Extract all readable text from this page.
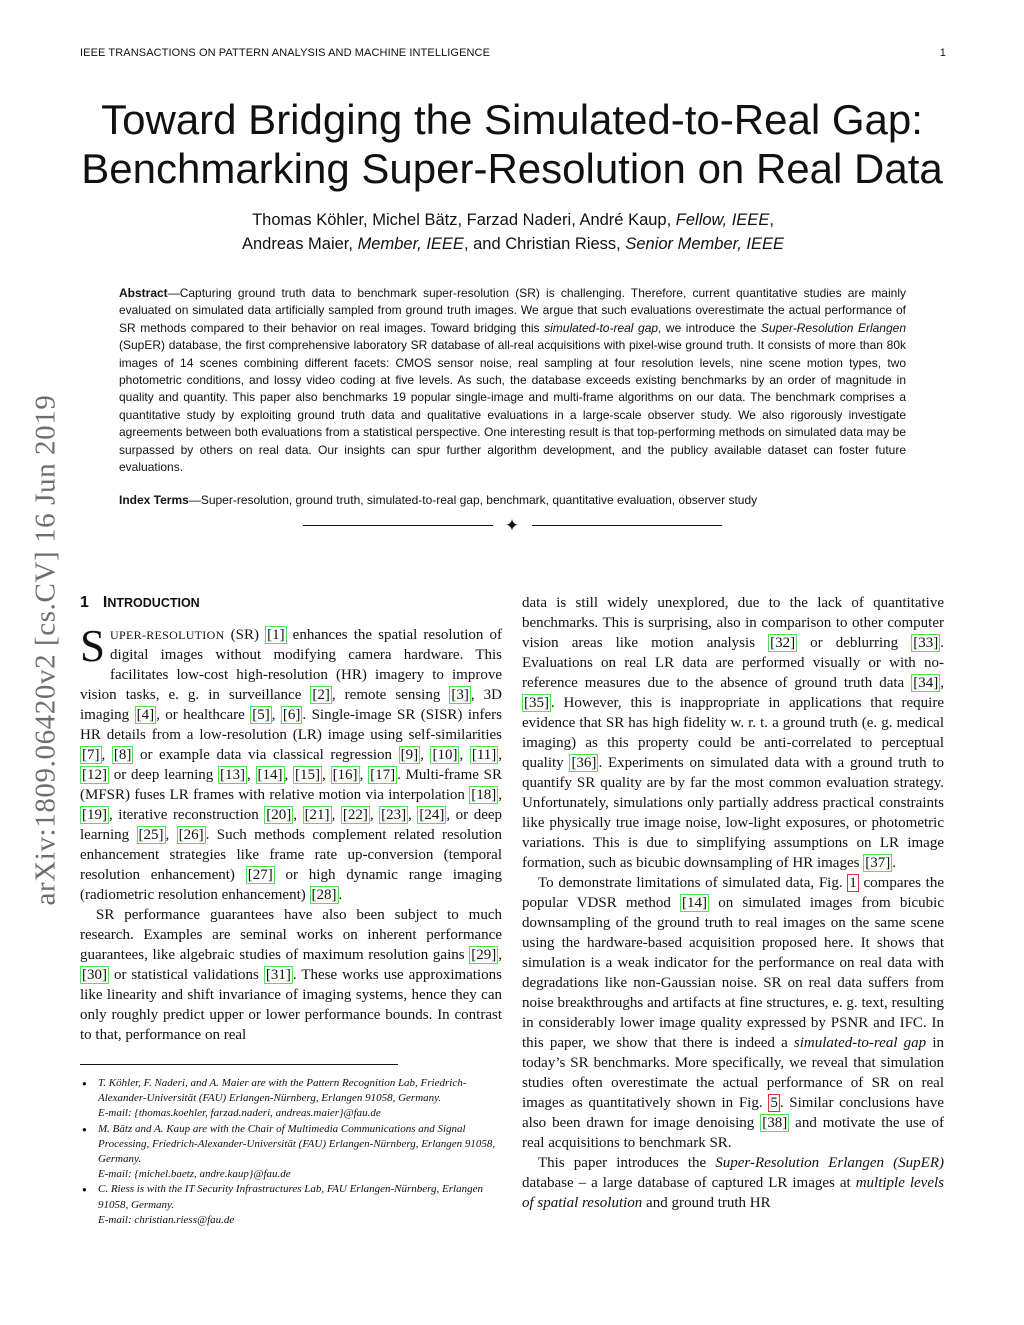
IEEE TRANSACTIONS ON PATTERN ANALYSIS AND MACHINE INTELLIGENCE	1
arXiv:1809.06420v2 [cs.CV] 16 Jun 2019
Toward Bridging the Simulated-to-Real Gap:
Benchmarking Super-Resolution on Real Data
Thomas Köhler, Michel Bätz, Farzad Naderi, André Kaup, Fellow, IEEE,
Andreas Maier, Member, IEEE, and Christian Riess, Senior Member, IEEE
Abstract—Capturing ground truth data to benchmark super-resolution (SR) is challenging. Therefore, current quantitative studies are mainly evaluated on simulated data artificially sampled from ground truth images. We argue that such evaluations overestimate the actual performance of SR methods compared to their behavior on real images. Toward bridging this simulated-to-real gap, we introduce the Super-Resolution Erlangen (SupER) database, the first comprehensive laboratory SR database of all-real acquisitions with pixel-wise ground truth. It consists of more than 80k images of 14 scenes combining different facets: CMOS sensor noise, real sampling at four resolution levels, nine scene motion types, two photometric conditions, and lossy video coding at five levels. As such, the database exceeds existing benchmarks by an order of magnitude in quality and quantity. This paper also benchmarks 19 popular single-image and multi-frame algorithms on our data. The benchmark comprises a quantitative study by exploiting ground truth data and qualitative evaluations in a large-scale observer study. We also rigorously investigate agreements between both evaluations from a statistical perspective. One interesting result is that top-performing methods on simulated data may be surpassed by others on real data. Our insights can spur further algorithm development, and the publicy available dataset can foster future evaluations.
Index Terms—Super-resolution, ground truth, simulated-to-real gap, benchmark, quantitative evaluation, observer study
✦
1 INTRODUCTION

SUPER-RESOLUTION (SR) [1] enhances the spatial resolution of digital images without modifying camera hardware. This facilitates low-cost high-resolution (HR) imagery to improve vision tasks, e. g. in surveillance [2] , remote sensing [3] , 3D imaging [4] , or healthcare [5] , [6] . Single-image SR (SISR) infers HR details from a low-resolution (LR) image using self-similarities [7] , [8] or example data via classical regression [9] , [10] , [11] , [12] or deep learning [13] , [14] , [15] , [16] , [17] . Multi-frame SR (MFSR) fuses LR frames with relative motion via interpolation [18] , [19] , iterative reconstruction [20] , [21] , [22] , [23] , [24] , or deep learning [25] , [26] . Such methods complement related resolution enhancement strategies like frame rate up-conversion (temporal resolution enhancement) [27] or high dynamic range imaging (radiometric resolution enhancement) [28] .

SR performance guarantees have also been subject to much research. Examples are seminal works on inherent performance guarantees, like algebraic studies of maximum resolution gains [29] , [30] or statistical validations [31] . These works use approximations like linearity and shift invariance of imaging systems, hence they can only roughly predict upper or lower performance bounds. In contrast to that, performance on real

● T. Köhler, F. Naderi, and A. Maier are with the Pattern Recognition Lab, Friedrich-Alexander-Universität (FAU) Erlangen-Nürnberg, Erlangen 91058, Germany.
E-mail: {thomas.koehler, farzad.naderi, andreas.maier}@fau.de
● M. Bätz and A. Kaup are with the Chair of Multimedia Communications and Signal Processing, Friedrich-Alexander-Universität (FAU) Erlangen-Nürnberg, Erlangen 91058, Germany.
E-mail: {michel.baetz, andre.kaup}@fau.de
● C. Riess is with the IT Security Infrastructures Lab, FAU Erlangen-Nürnberg, Erlangen 91058, Germany.
E-mail: christian.riess@fau.de

data is still widely unexplored, due to the lack of quantitative benchmarks. This is surprising, also in comparison to other computer vision areas like motion analysis [32] or deblurring [33] . Evaluations on real LR data are performed visually or with no-reference measures due to the absence of ground truth data [34] , [35] . However, this is inappropriate in applications that require evidence that SR has high fidelity w. r. t. a ground truth (e. g. medical imaging) as this property could be anti-correlated to perceptual quality [36] . Experiments on simulated data with a ground truth to quantify SR quality are by far the most common evaluation strategy. Unfortunately, simulations only partially address practical constraints like physically true image noise, low-light exposures, or photometric variations. This is due to simplifying assumptions on LR image formation, such as bicubic downsampling of HR images [37] .

To demonstrate limitations of simulated data, Fig. 1 compares the popular VDSR method [14] on simulated images from bicubic downsampling of the ground truth to real images on the same scene using the hardware-based acquisition proposed here. It shows that simulation is a weak indicator for the performance on real data with degradations like non-Gaussian noise. SR on real data suffers from noise breakthroughs and artifacts at fine structures, e. g. text, resulting in considerably lower image quality expressed by PSNR and IFC. In this paper, we show that there is indeed a simulated-to-real gap in today’s SR benchmarks. More specifically, we reveal that simulation studies often overestimate the actual performance of SR on real images as quantitatively shown in Fig. 5 . Similar conclusions have also been drawn for image denoising [38] and motivate the use of real acquisitions to benchmark SR.

This paper introduces the Super-Resolution Erlangen (SupER) database – a large database of captured LR images at multiple levels of spatial resolution and ground truth HR
